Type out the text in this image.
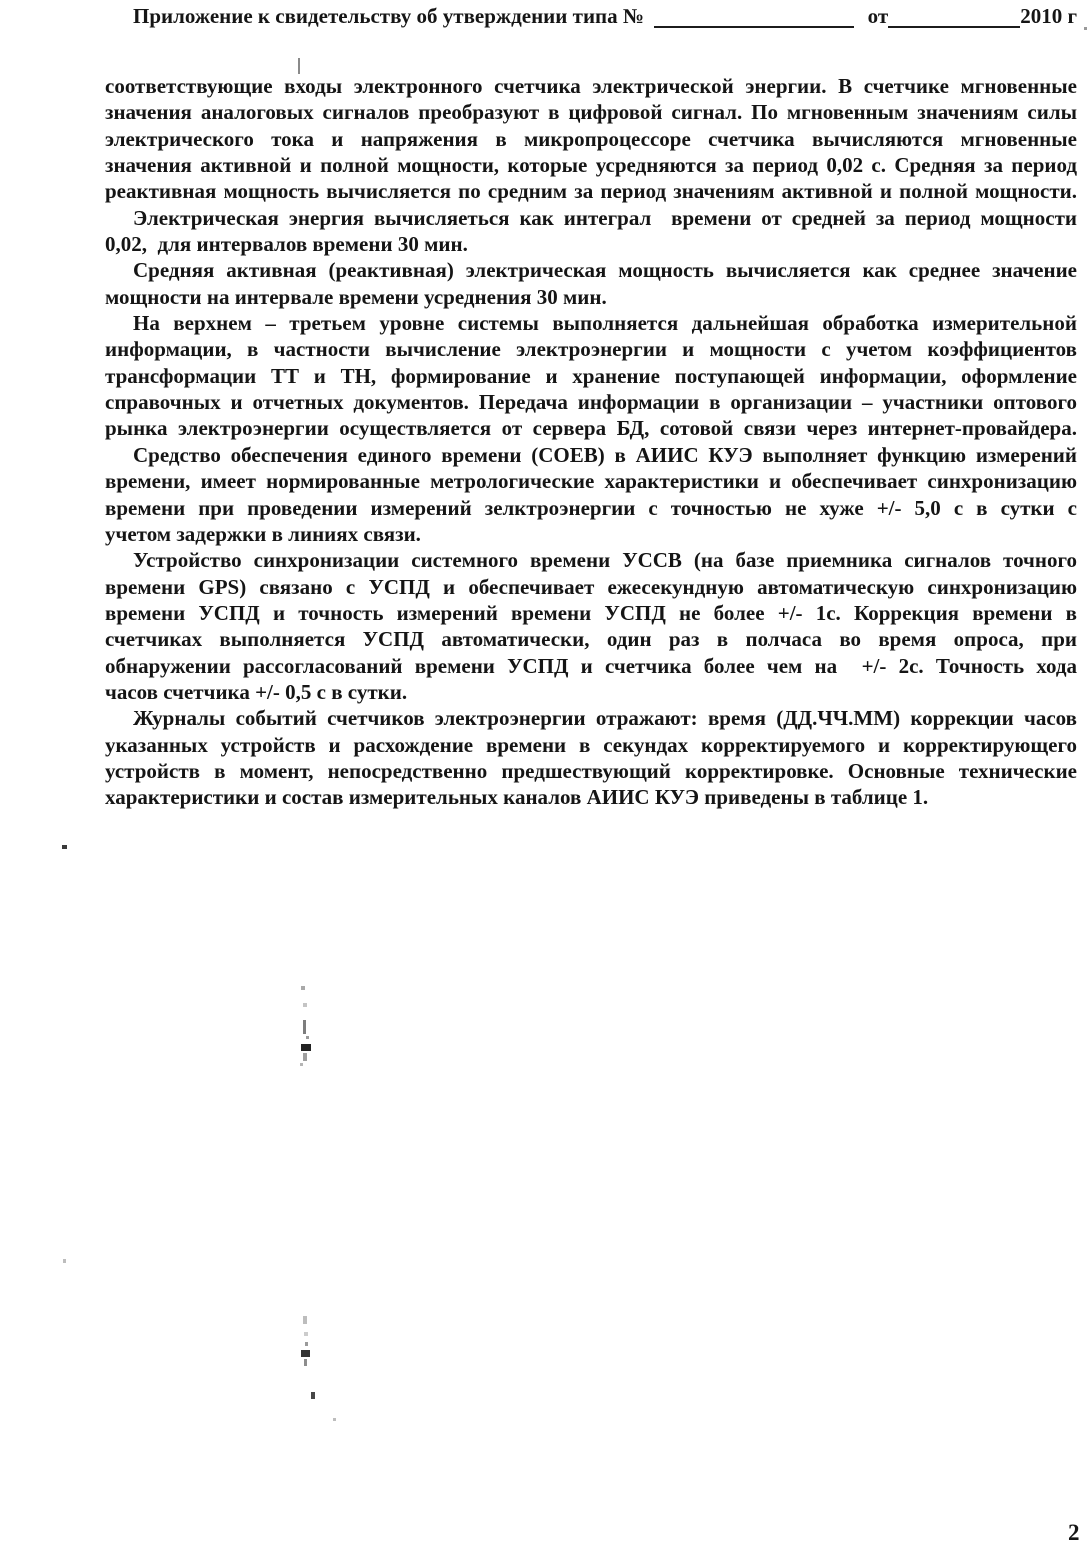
Приложение к свидетельству об утверждении типа №	от	2010 г
соответствующие входы электронного счетчика электрической энергии. В счетчике мгновенные
значения аналоговых сигналов преобразуют в цифровой сигнал. По мгновенным значениям силы
электрического тока и напряжения в микропроцессоре счетчика вычисляются мгновенные
значения активной и полной мощности, которые усредняются за период 0,02 с. Средняя за период
реактивная мощность вычисляется по средним за период значениям активной и полной мощности.
Электрическая энергия вычисляеться как интеграл  времени от средней за период мощности
0,02,  для интервалов времени 30 мин.
Средняя активная (реактивная) электрическая мощность вычисляется как среднее значение
мощности на интервале времени усреднения 30 мин.
На верхнем – третьем уровне системы выполняется дальнейшая обработка измерительной
информации, в частности вычисление электроэнергии и мощности с учетом коэффициентов
трансформации ТТ и ТН, формирование и хранение поступающей информации, оформление
справочных и отчетных документов. Передача информации в организации – участники оптового
рынка электроэнергии осуществляется от сервера БД, сотовой связи через интернет-провайдера.
Средство обеспечения единого времени (СОЕВ) в АИИС КУЭ выполняет функцию измерений
времени, имеет нормированные метрологические характеристики и обеспечивает синхронизацию
времени при проведении измерений зелктроэнергии с точностью не хуже +/- 5,0 с в сутки с
учетом задержки в линиях связи.
Устройство синхронизации системного времени УССВ (на базе приемника сигналов точного
времени GPS) связано с УСПД и обеспечивает ежесекундную автоматическую синхронизацию
времени УСПД и точность измерений времени УСПД не более +/- 1с. Коррекция времени в
счетчиках выполняется УСПД автоматически, один раз в полчаса во время опроса, при
обнаружении рассогласований времени УСПД и счетчика более чем на  +/- 2с. Точность хода
часов счетчика +/- 0,5 с в сутки.
Журналы событий счетчиков электроэнергии отражают: время (ДД.ЧЧ.ММ) коррекции часов
указанных устройств и расхождение времени в секундах корректируемого и корректирующего
устройств в момент, непосредственно предшествующий корректировке. Основные технические
характеристики и состав измерительных каналов АИИС КУЭ приведены в таблице 1.
2
